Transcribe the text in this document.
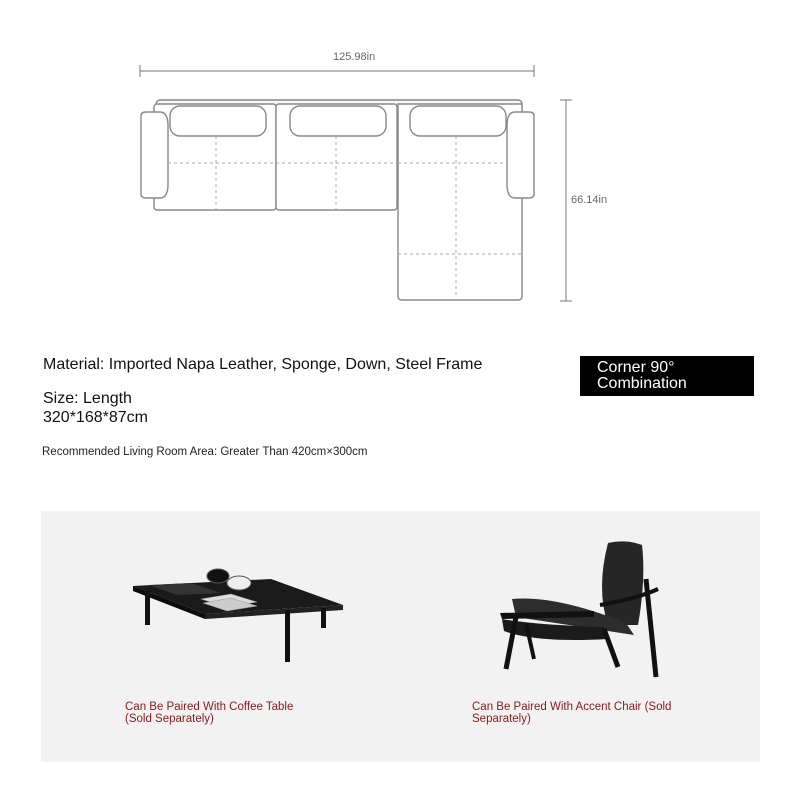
125.98in
66.14in
Material: Imported Napa Leather, Sponge, Down, Steel Frame
Size: Length
320*168*87cm
Recommended Living Room Area: Greater Than 420cm×300cm
Corner 90°
Combination
Can Be Paired With Coffee Table
(Sold Separately)
Can Be Paired With Accent Chair (Sold
Separately)
